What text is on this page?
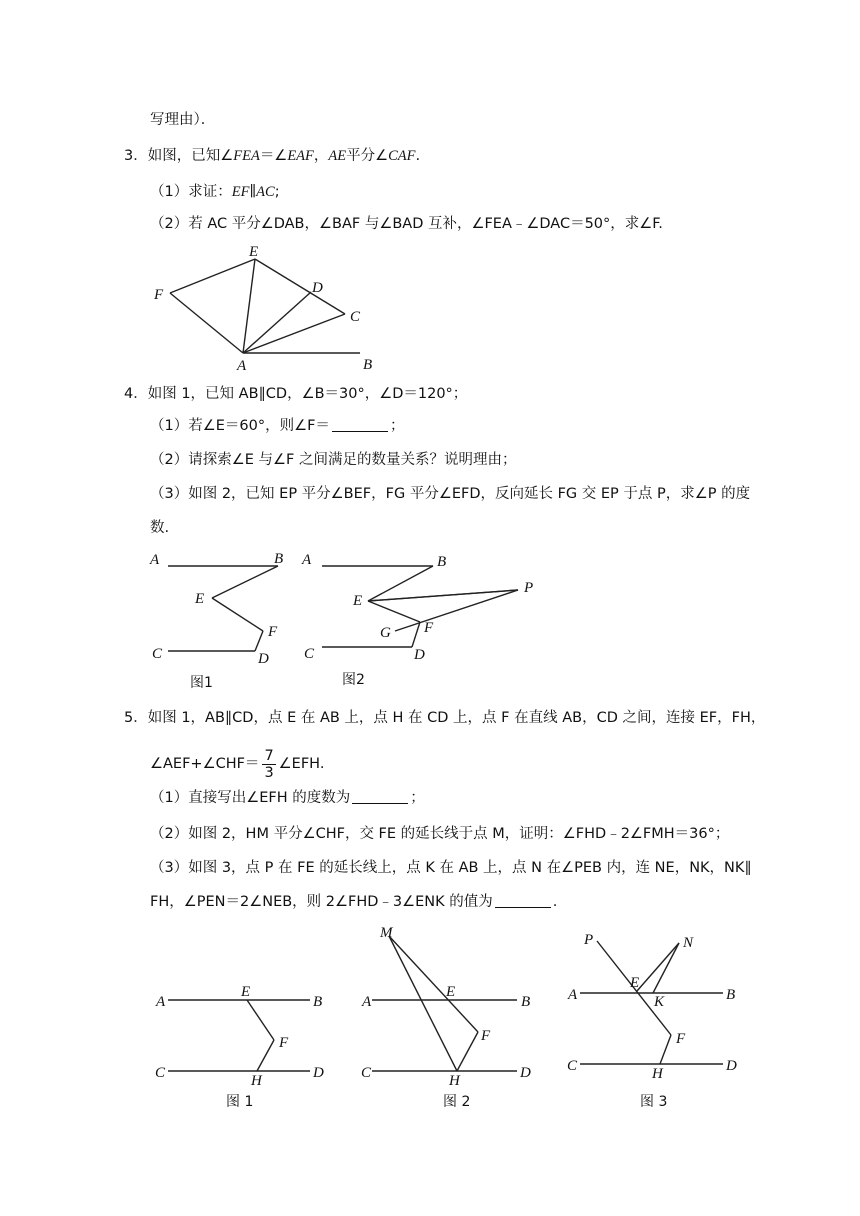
写理由）．
3．如图，已知∠FEA＝∠EAF，AE平分∠CAF.
（1）求证：EF∥AC;
（2）若 AC 平分∠DAB，∠BAF 与∠BAD 互补，∠FEA﹣∠DAC＝50°，求∠F.
4．如图 1，已知 AB∥CD，∠B＝30°，∠D＝120°；
（1）若∠E＝60°，则∠F＝	；
（2）请探索∠E 与∠F 之间满足的数量关系？说明理由；
（3）如图 2，已知 EP 平分∠BEF，FG 平分∠EFD，反向延长 FG 交 EP 于点 P，求∠P 的度
数.
5．如图 1，AB∥CD，点 E 在 AB 上，点 H 在 CD 上，点 F 在直线 AB，CD 之间，连接 EF，FH，
∠AEF+∠CHF＝ $\frac{7}{3}$ ∠EFH.
（1）直接写出∠EFH 的度数为	；
（2）如图 2，HM 平分∠CHF，交 FE 的延长线于点 M，证明：∠FHD﹣2∠FMH＝36°；
（3）如图 3，点 P 在 FE 的延长线上，点 K 在 AB 上，点 N 在∠PEB 内，连 NE，NK，NK∥
FH，∠PEN＝2∠NEB，则 2∠FHD﹣3∠ENK 的值为	.
E
F	D
C
A	B
A	B
E
F
C	D
图1
A	B
E
P
G F
C	D
图2
A	B
E
F
C	H	D
图 1
M
A
E
B
F
C	H	D
图 2
P	N
E
A	K	B
F
C	H	D
图 3
